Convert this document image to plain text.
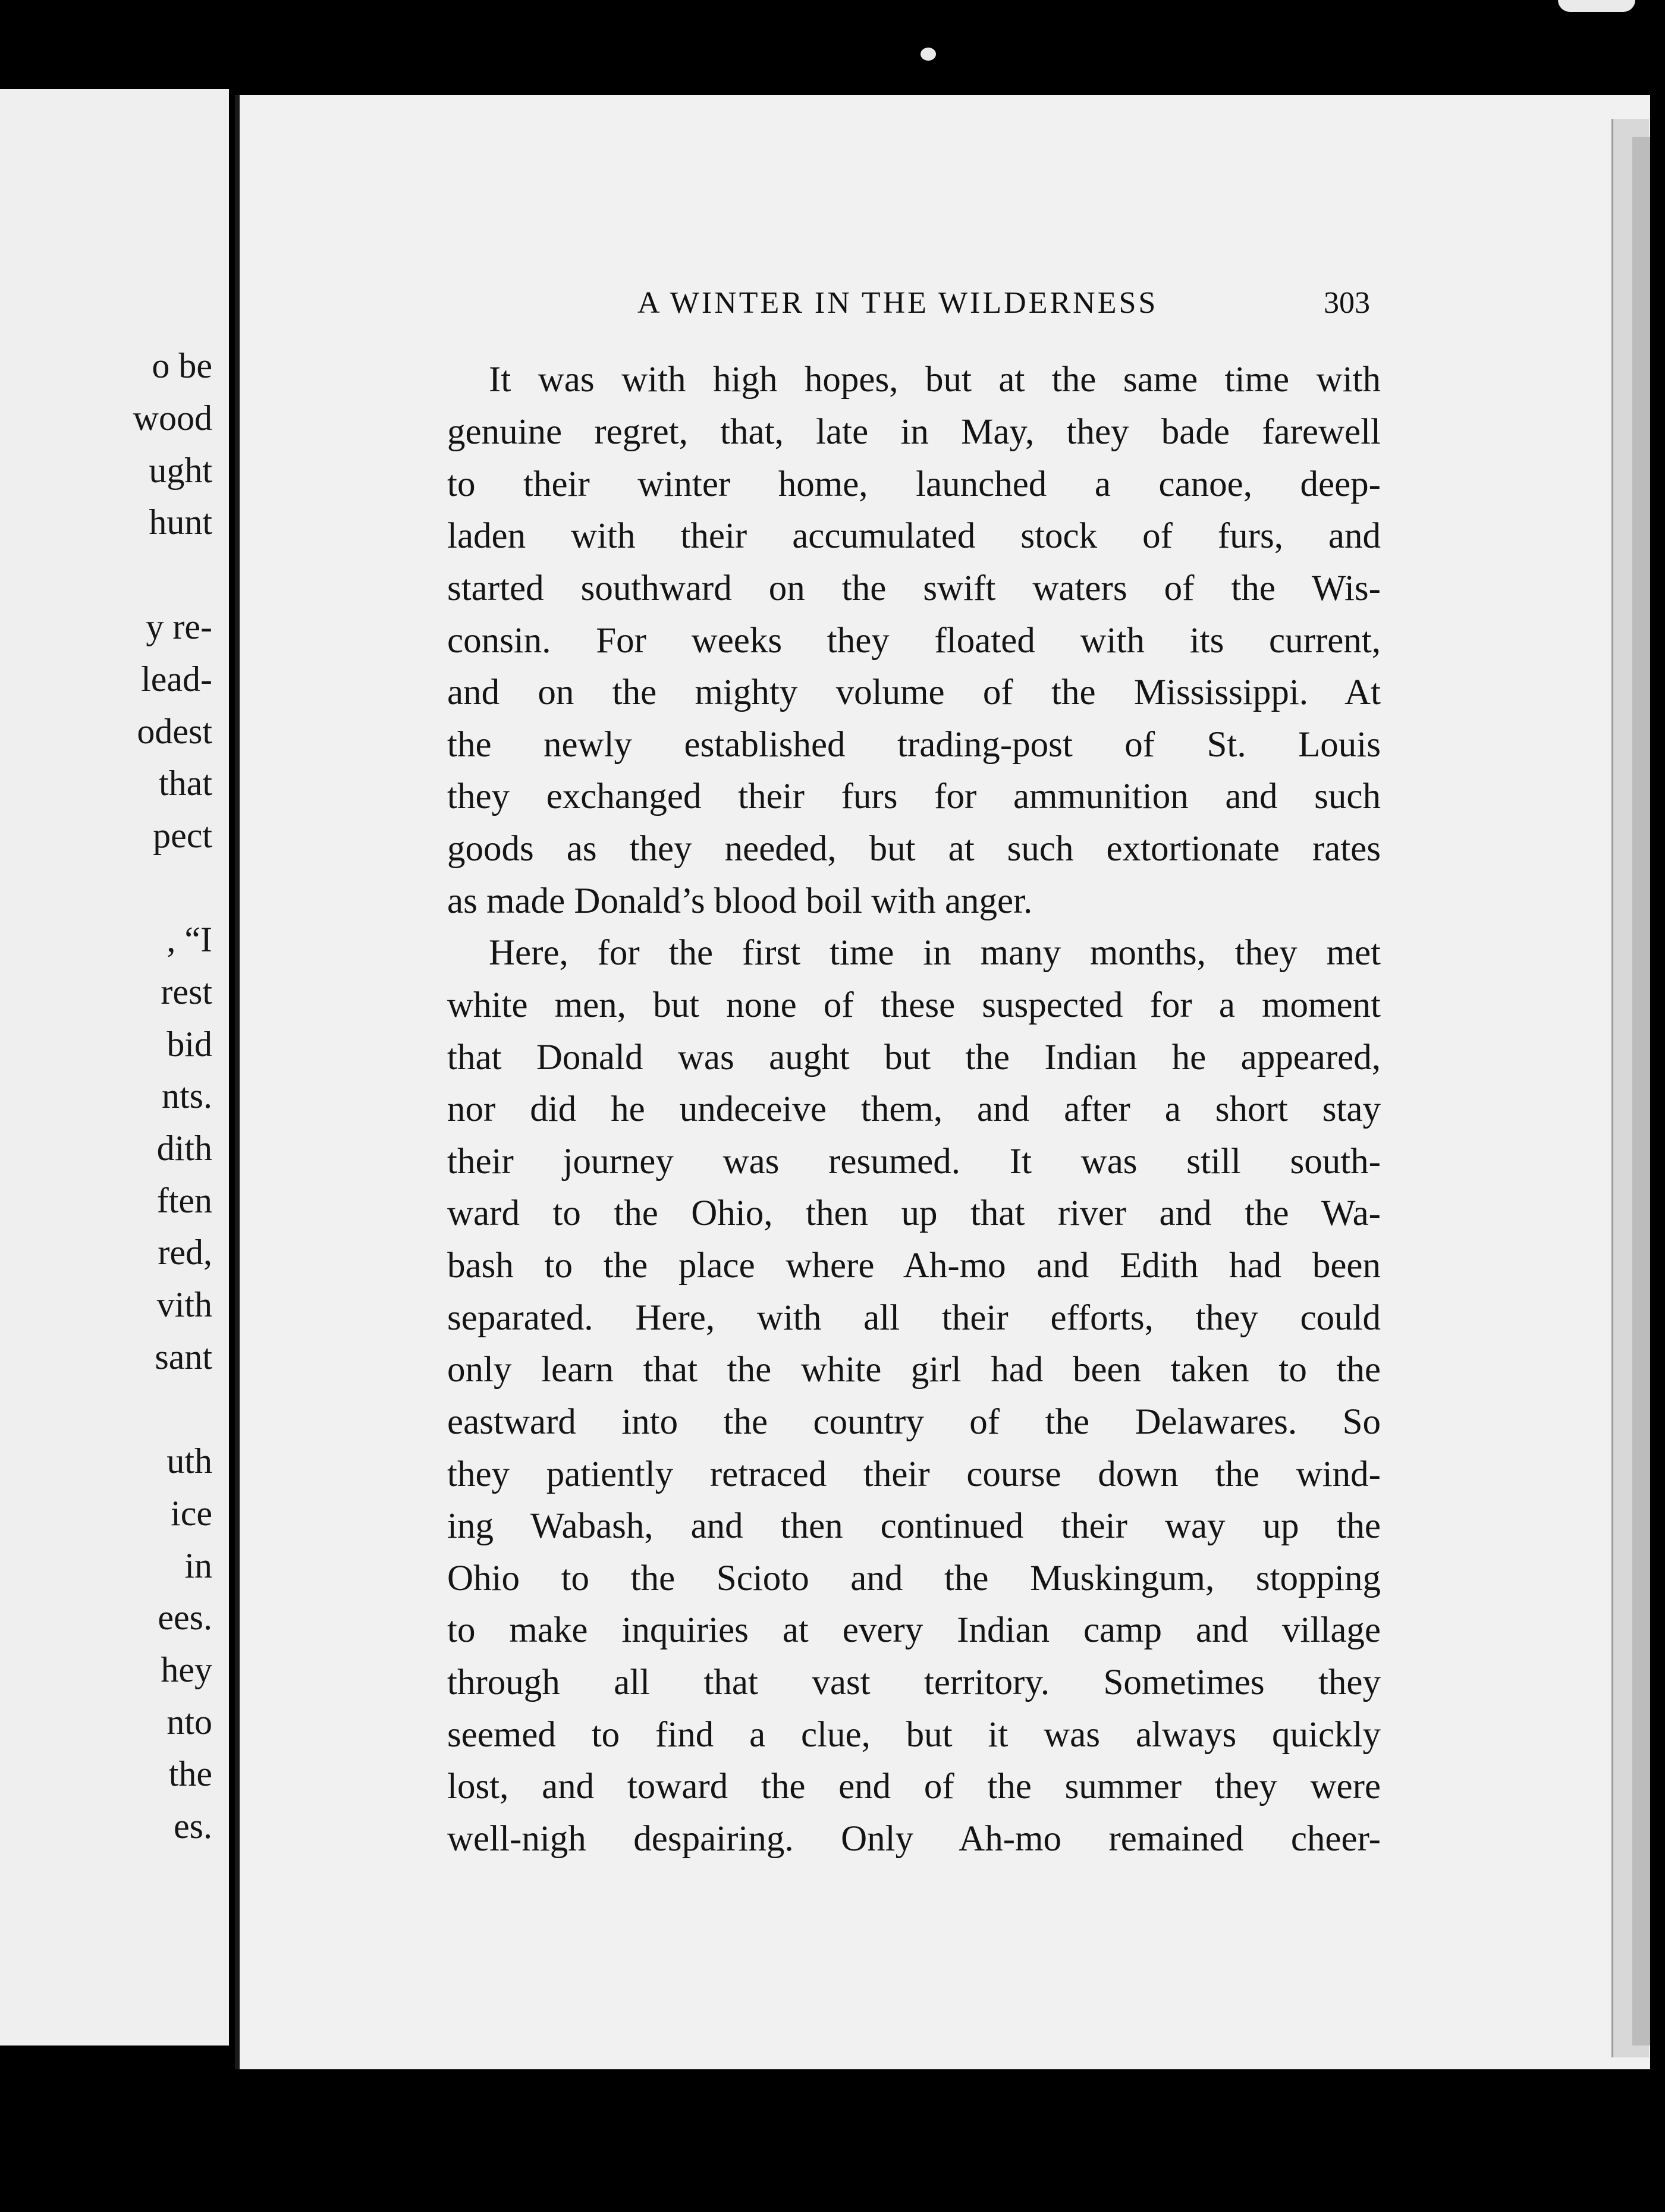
o be
wood
ught
hunt
y re-
lead-
odest
that
pect
, “I
rest
bid
nts.
dith
ften
red,
vith
sant
uth
ice
in
ees.
hey
nto
the
es.
A WINTER IN THE WILDERNESS	303
It was with high hopes, but at the same time with
genuine regret, that, late in May, they bade farewell
to their winter home, launched a canoe, deep-
laden with their accumulated stock of furs, and
started southward on the swift waters of the Wis-
consin. For weeks they floated with its current,
and on the mighty volume of the Mississippi. At
the newly established trading-post of St. Louis
they exchanged their furs for ammunition and such
goods as they needed, but at such extortionate rates
as made Donald’s blood boil with anger.
Here, for the first time in many months, they met
white men, but none of these suspected for a moment
that Donald was aught but the Indian he appeared,
nor did he undeceive them, and after a short stay
their journey was resumed. It was still south-
ward to the Ohio, then up that river and the Wa-
bash to the place where Ah-mo and Edith had been
separated. Here, with all their efforts, they could
only learn that the white girl had been taken to the
eastward into the country of the Delawares. So
they patiently retraced their course down the wind-
ing Wabash, and then continued their way up the
Ohio to the Scioto and the Muskingum, stopping
to make inquiries at every Indian camp and village
through all that vast territory. Sometimes they
seemed to find a clue, but it was always quickly
lost, and toward the end of the summer they were
well-nigh despairing. Only Ah-mo remained cheer-
